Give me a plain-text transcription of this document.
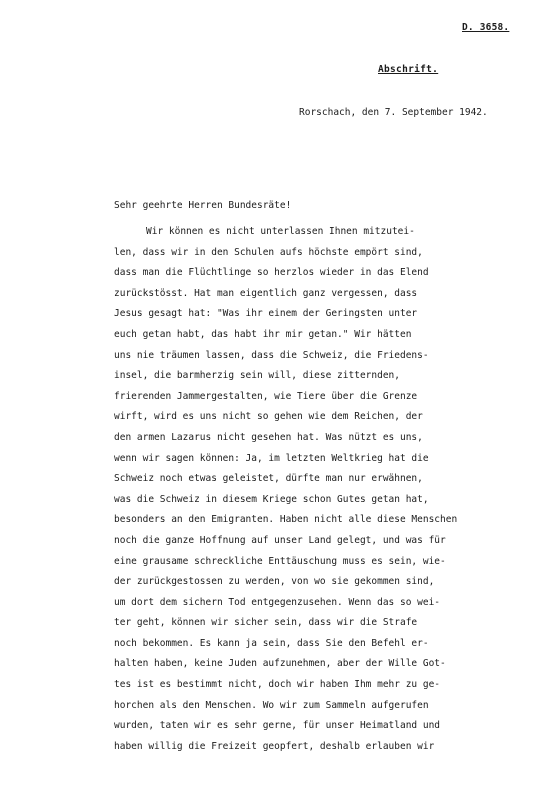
D. 3658.
Abschrift.
Rorschach, den 7. September 1942.
Sehr geehrte Herren Bundesräte!
Wir können es nicht unterlassen Ihnen mitzutei-
len, dass wir in den Schulen aufs höchste empört sind,
dass man die Flüchtlinge so herzlos wieder in das Elend
zurückstösst. Hat man eigentlich ganz vergessen, dass
Jesus gesagt hat: "Was ihr einem der Geringsten unter
euch getan habt, das habt ihr mir getan." Wir hätten
uns nie träumen lassen, dass die Schweiz, die Friedens-
insel, die barmherzig sein will, diese zitternden,
frierenden Jammergestalten, wie Tiere über die Grenze
wirft, wird es uns nicht so gehen wie dem Reichen, der
den armen Lazarus nicht gesehen hat. Was nützt es uns,
wenn wir sagen können: Ja, im letzten Weltkrieg hat die
Schweiz noch etwas geleistet, dürfte man nur erwähnen,
was die Schweiz in diesem Kriege schon Gutes getan hat,
besonders an den Emigranten. Haben nicht alle diese Menschen
noch die ganze Hoffnung auf unser Land gelegt, und was für
eine grausame schreckliche Enttäuschung muss es sein, wie-
der zurückgestossen zu werden, von wo sie gekommen sind,
um dort dem sichern Tod entgegenzusehen. Wenn das so wei-
ter geht, können wir sicher sein, dass wir die Strafe
noch bekommen. Es kann ja sein, dass Sie den Befehl er-
halten haben, keine Juden aufzunehmen, aber der Wille Got-
tes ist es bestimmt nicht, doch wir haben Ihm mehr zu ge-
horchen als den Menschen. Wo wir zum Sammeln aufgerufen
wurden, taten wir es sehr gerne, für unser Heimatland und
haben willig die Freizeit geopfert, deshalb erlauben wir
